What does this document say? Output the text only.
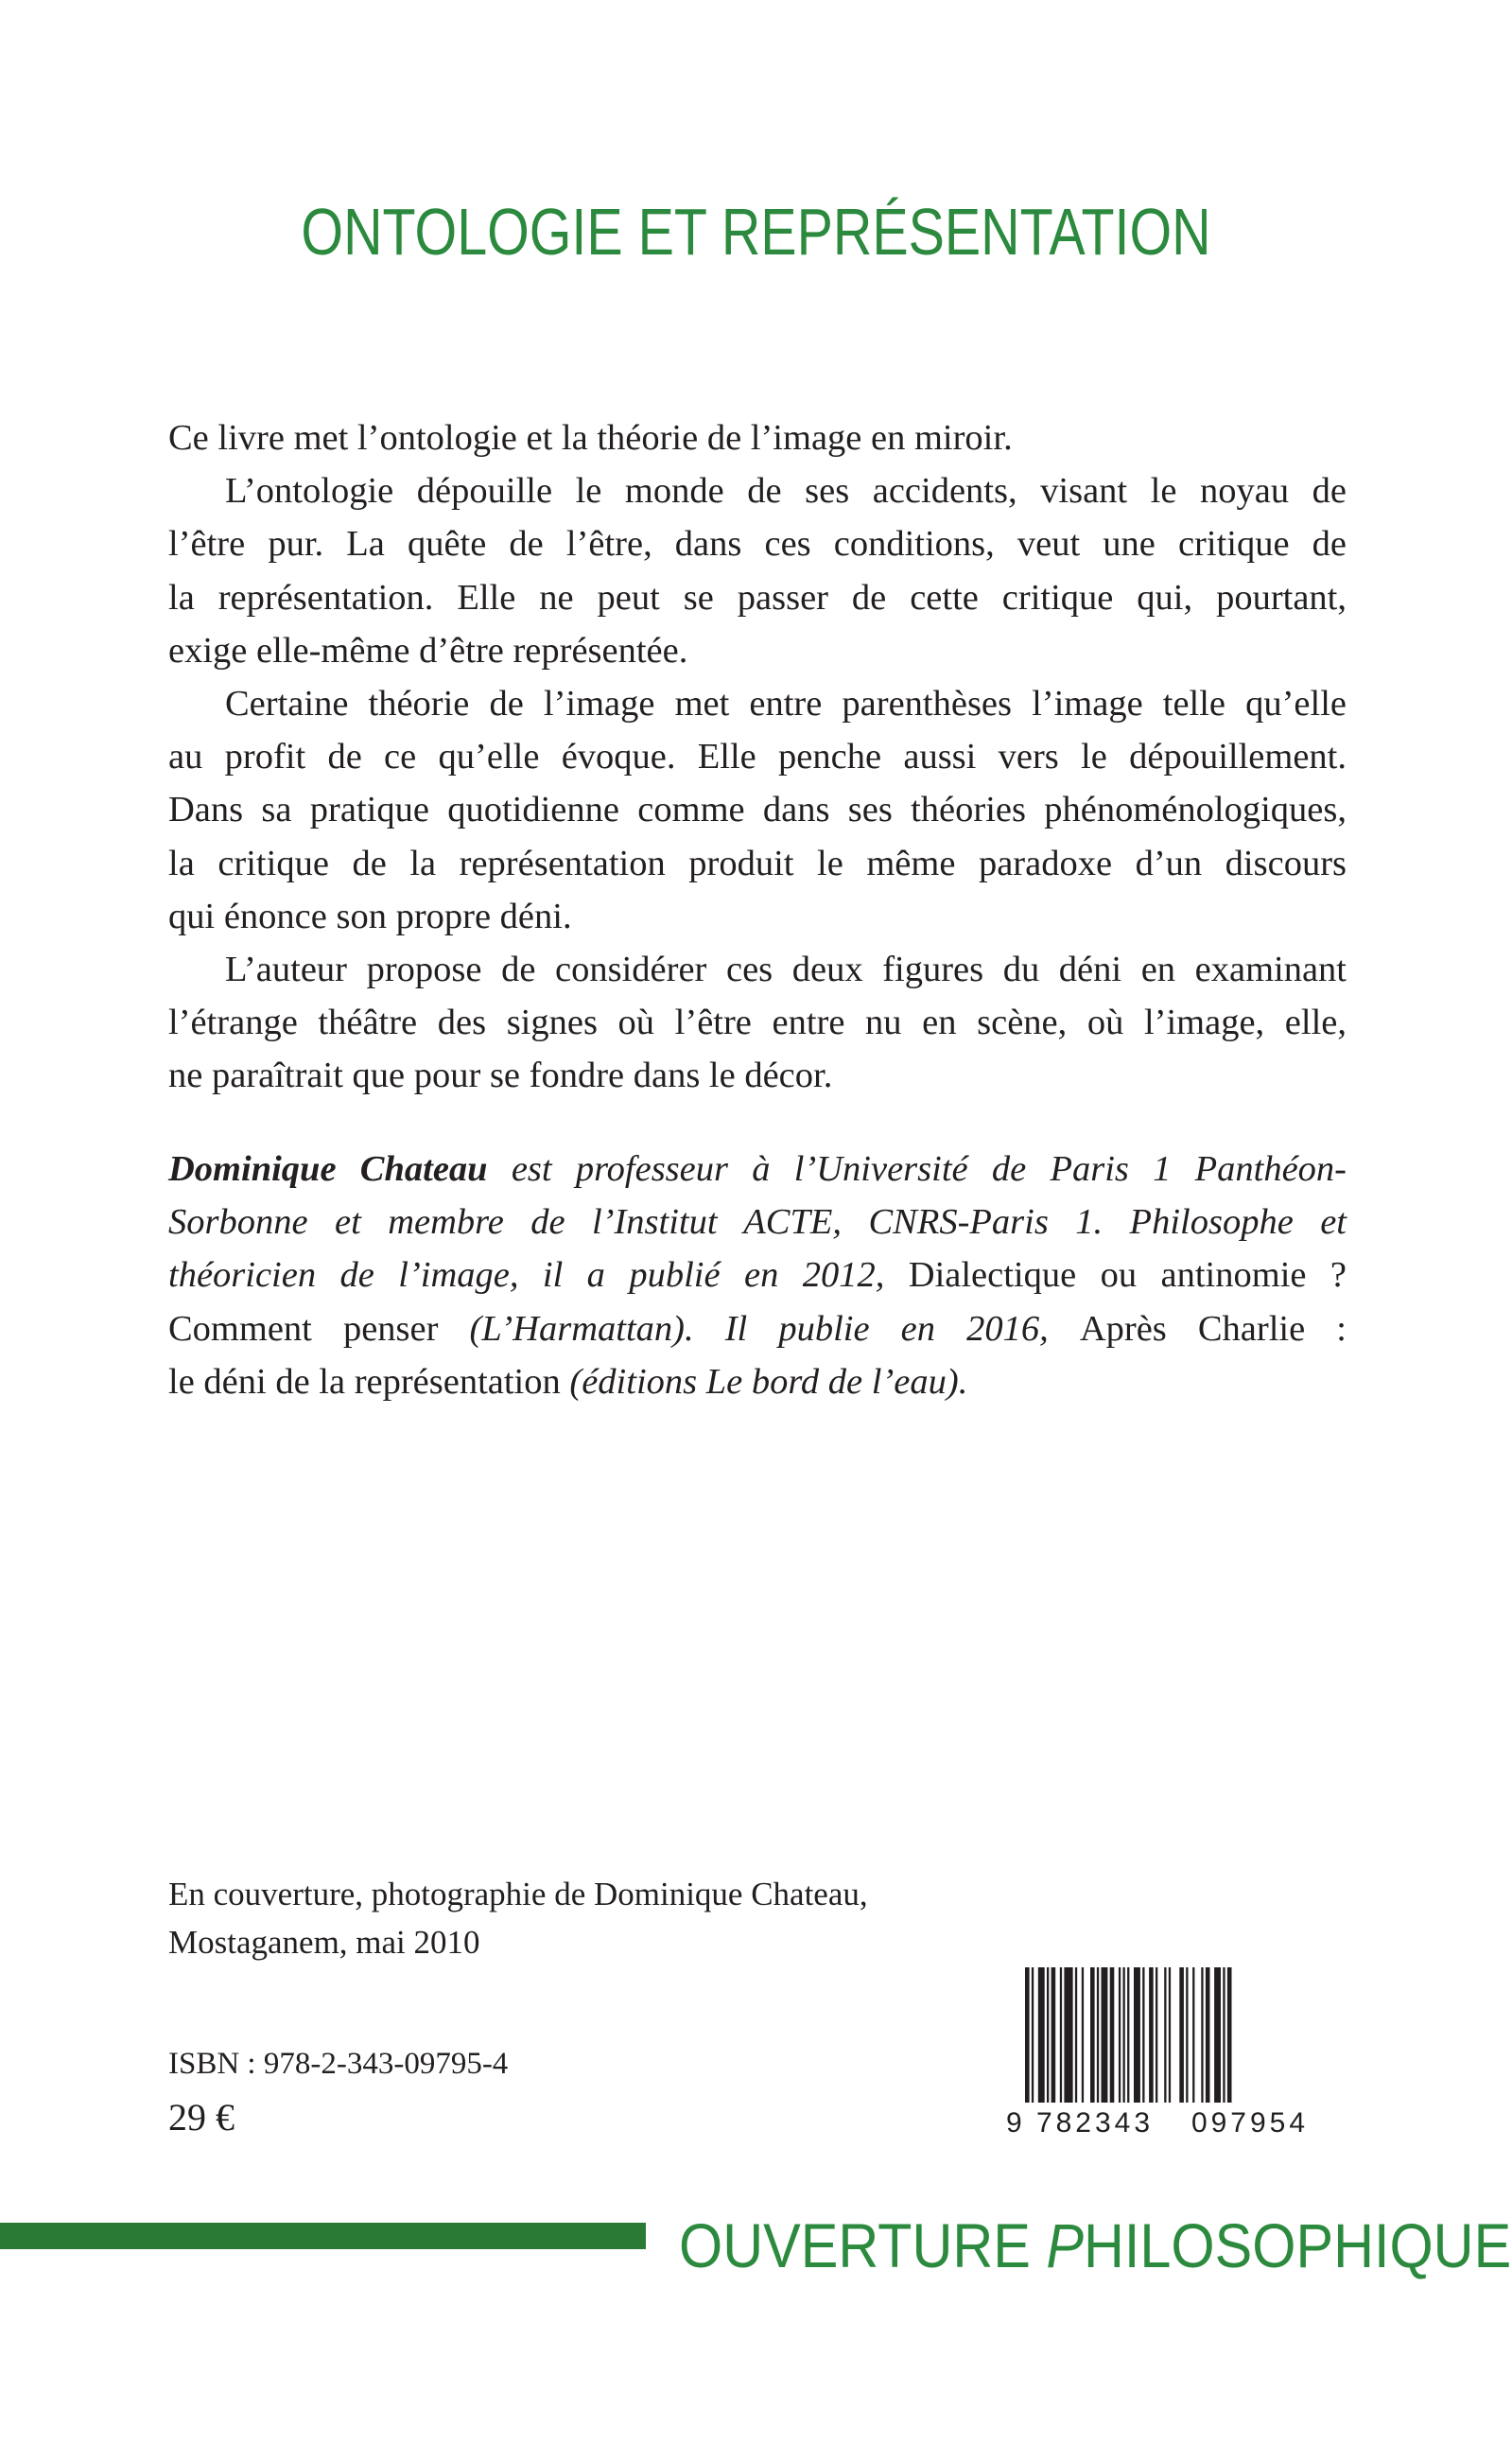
ONTOLOGIE ET REPRÉSENTATION

Ce livre met l’ontologie et la théorie de l’image en miroir.

L’ontologie dépouille le monde de ses accidents, visant le noyau de
l’être pur. La quête de l’être, dans ces conditions, veut une critique de
la représentation. Elle ne peut se passer de cette critique qui, pourtant,
exige elle-même d’être représentée.

Certaine théorie de l’image met entre parenthèses l’image telle qu’elle
au profit de ce qu’elle évoque. Elle penche aussi vers le dépouillement.
Dans sa pratique quotidienne comme dans ses théories phénoménologiques,
la critique de la représentation produit le même paradoxe d’un discours
qui énonce son propre déni.

L’auteur propose de considérer ces deux figures du déni en examinant
l’étrange théâtre des signes où l’être entre nu en scène, où l’image, elle,
ne paraîtrait que pour se fondre dans le décor.

Dominique Chateau est professeur à l’Université de Paris 1 Panthéon-
Sorbonne et membre de l’Institut ACTE, CNRS-Paris 1. Philosophe et
théoricien de l’image, il a publié en 2012, Dialectique ou antinomie ?
Comment penser (L’Harmattan). Il publie en 2016, Après Charlie :
le déni de la représentation (éditions Le bord de l’eau).
En couverture, photographie de Dominique Chateau,
Mostaganem, mai 2010
ISBN : 978-2-343-09795-4
29 €	9 782343 097954
OUVERTURE PHILOSOPHIQUE
